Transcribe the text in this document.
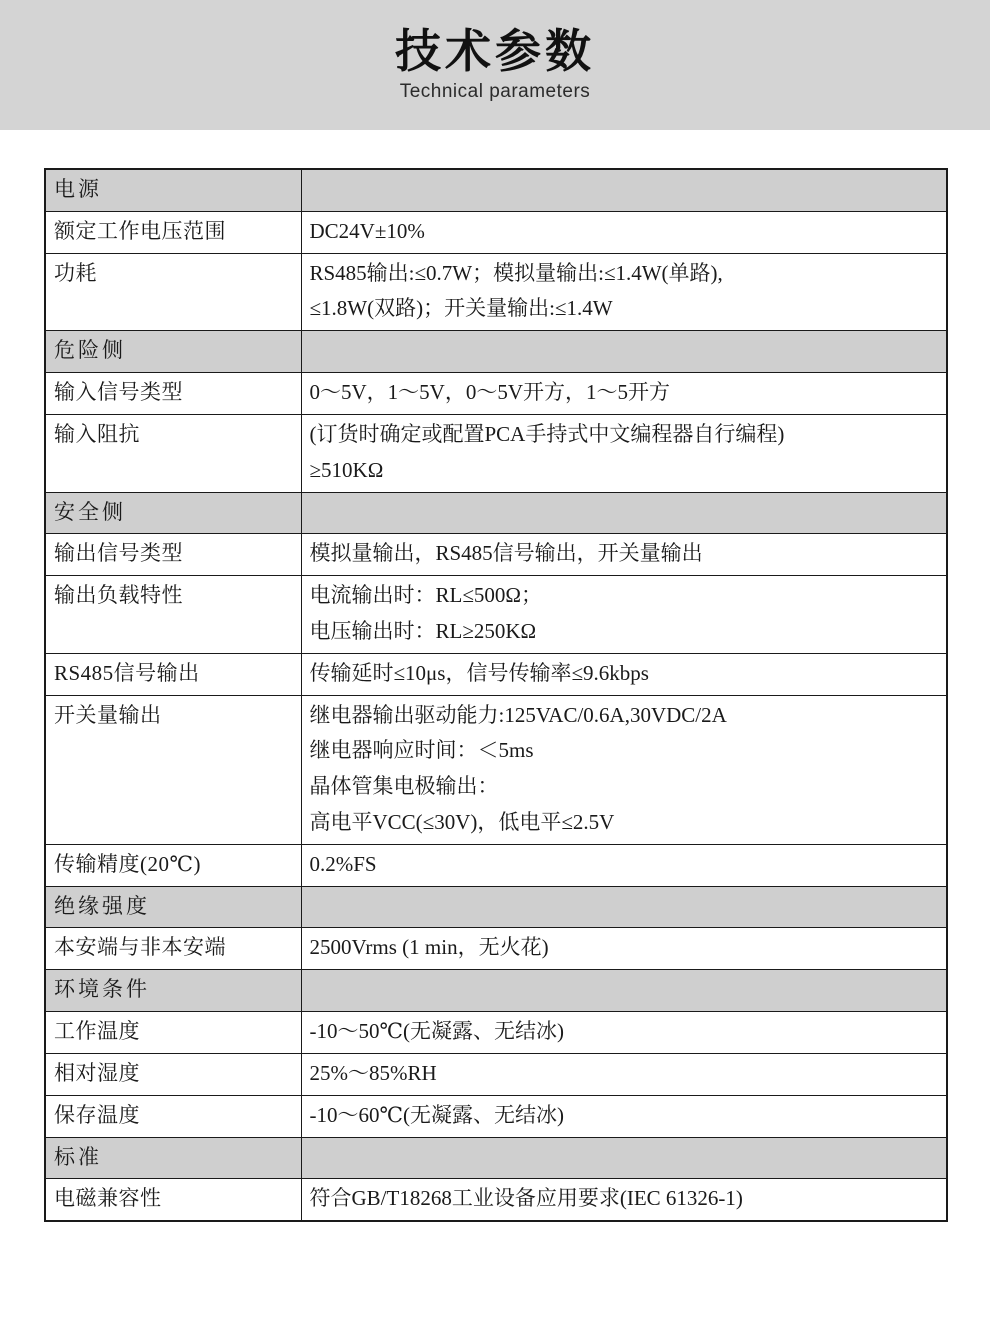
技术参数
Technical parameters
电源	
额定工作电压范围	DC24V±10%

功耗	RS485输出:≤0.7W；模拟量输出:≤1.4W(单路),
≤1.8W(双路)；开关量输出:≤1.4W

危险侧	
输入信号类型	0～5V，1～5V，0～5V开方，1～5开方

输入阻抗	(订货时确定或配置PCA手持式中文编程器自行编程)
≥510KΩ

安全侧	
输出信号类型	模拟量输出，RS485信号输出，开关量输出

输出负载特性	电流输出时：RL≤500Ω；
电压输出时：RL≥250KΩ

RS485信号输出	传输延时≤10μs，信号传输率≤9.6kbps

开关量输出	继电器输出驱动能力:125VAC/0.6A,30VDC/2A
继电器响应时间：＜5ms
晶体管集电极输出：
高电平VCC(≤30V)，低电平≤2.5V

传输精度(20℃)	0.2%FS

绝缘强度	
本安端与非本安端	2500Vrms (1 min，无火花)

环境条件	
工作温度	-10～50℃(无凝露、无结冰)

相对湿度	25%～85%RH

保存温度	-10～60℃(无凝露、无结冰)

标准	
电磁兼容性	符合GB/T18268工业设备应用要求(IEC 61326-1)
